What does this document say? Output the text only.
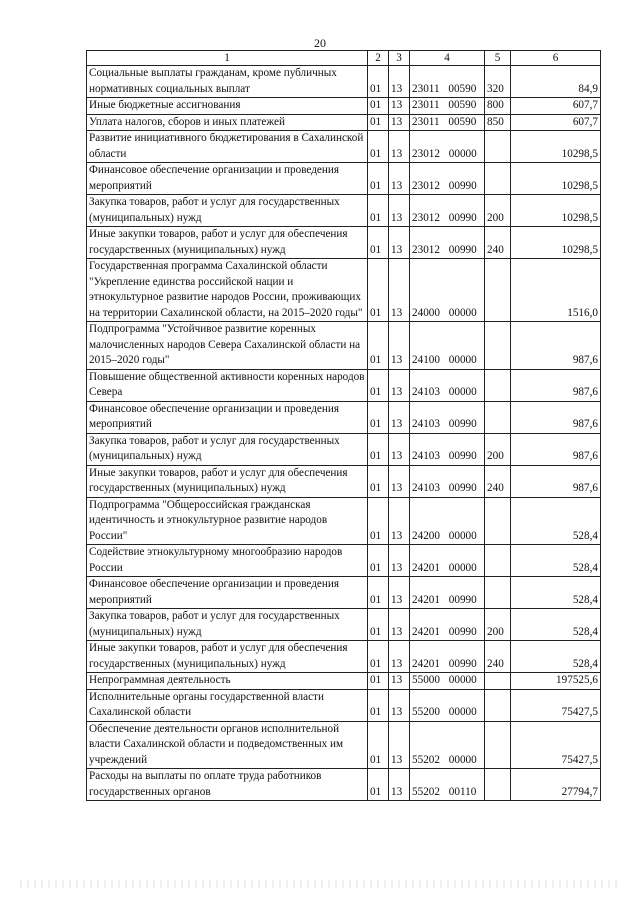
20
1	2	3	4	5	6
Социальные выплаты гражданам, кроме публичных нормативных социальных выплат	01	13	23011 00590	320	84,9
Иные бюджетные ассигнования	01	13	23011 00590	800	607,7
Уплата налогов, сборов и иных платежей	01	13	23011 00590	850	607,7
Развитие инициативного бюджетирования в Сахалинской области	01	13	23012 00000		10298,5
Финансовое обеспечение организации и проведения мероприятий	01	13	23012 00990		10298,5
Закупка товаров, работ и услуг для государственных (муниципальных) нужд	01	13	23012 00990	200	10298,5
Иные закупки товаров, работ и услуг для обеспечения государственных (муниципальных) нужд	01	13	23012 00990	240	10298,5
Государственная программа Сахалинской области "Укрепление единства российской нации и этнокультурное развитие народов России, проживающих на территории Сахалинской области, на 2015–2020 годы"	01	13	24000 00000		1516,0
Подпрограмма "Устойчивое развитие коренных малочисленных народов Севера Сахалинской области на 2015–2020 годы"	01	13	24100 00000		987,6
Повышение общественной активности коренных народов Севера	01	13	24103 00000		987,6
Финансовое обеспечение организации и проведения мероприятий	01	13	24103 00990		987,6
Закупка товаров, работ и услуг для государственных (муниципальных) нужд	01	13	24103 00990	200	987,6
Иные закупки товаров, работ и услуг для обеспечения государственных (муниципальных) нужд	01	13	24103 00990	240	987,6
Подпрограмма "Общероссийская гражданская идентичность и этнокультурное развитие народов России"	01	13	24200 00000		528,4
Содействие этнокультурному многообразию народов России	01	13	24201 00000		528,4
Финансовое обеспечение организации и проведения мероприятий	01	13	24201 00990		528,4
Закупка товаров, работ и услуг для государственных (муниципальных) нужд	01	13	24201 00990	200	528,4
Иные закупки товаров, работ и услуг для обеспечения государственных (муниципальных) нужд	01	13	24201 00990	240	528,4
Непрограммная деятельность	01	13	55000 00000		197525,6
Исполнительные органы государственной власти Сахалинской области	01	13	55200 00000		75427,5
Обеспечение деятельности органов исполнительной власти Сахалинской области и подведомственных им учреждений	01	13	55202 00000		75427,5
Расходы на выплаты по оплате труда работников государственных органов	01	13	55202 00110		27794,7
